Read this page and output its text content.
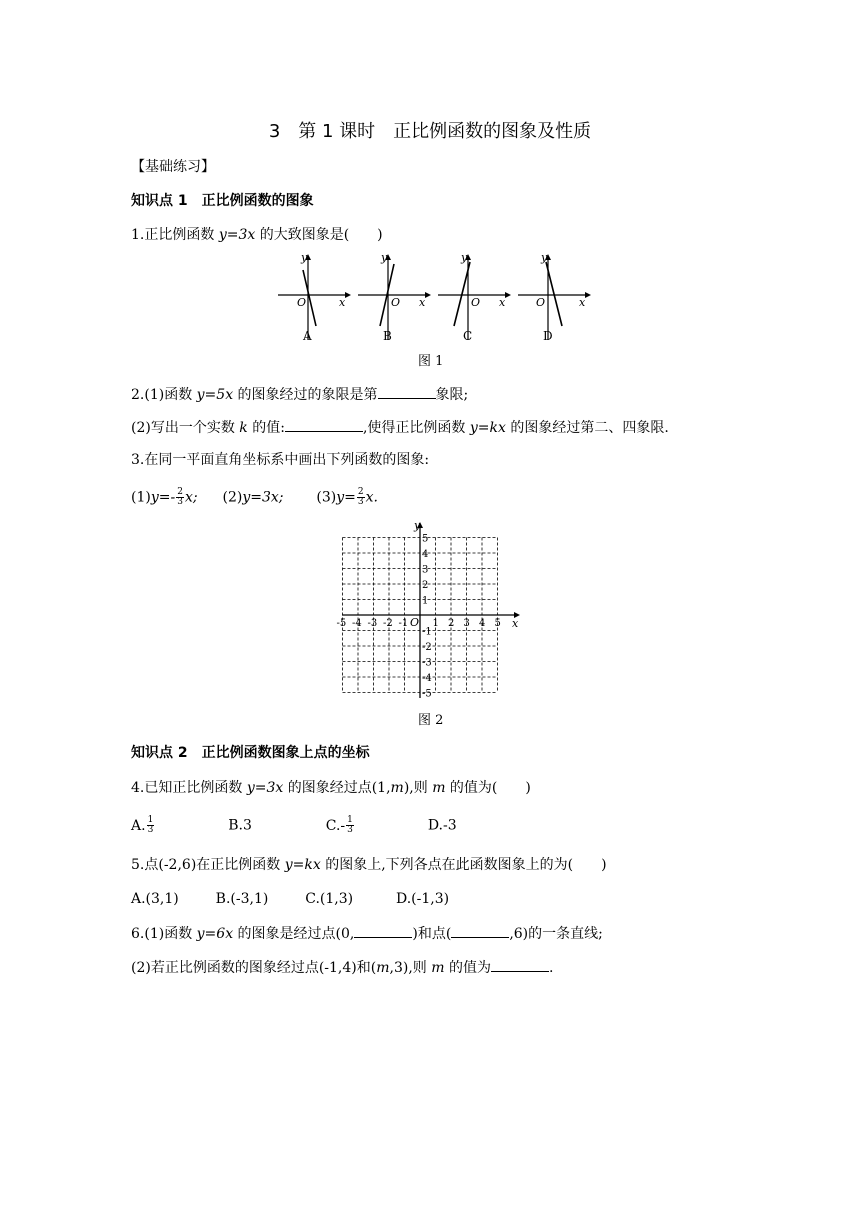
3　第 1 课时　正比例函数的图象及性质
【基础练习】
知识点 1　正比例函数的图象
1.正比例函数 y=3x 的大致图象是(　　)
y
x
O
A
y
x
O
B
y
x
O
C
y
x
O
D
图 1
2.(1)函数 y=5x 的图象经过的象限是第	象限;
(2)写出一个实数 k 的值:	,使得正比例函数 y=kx 的图象经过第二、四象限.
3.在同一平面直角坐标系中画出下列函数的图象:
$(1)y=- \frac{2}{3} x$; (2)y=3x; $(3)y= \frac{2}{3} x$.
x
y
O
-5 -4 -3 -2 -1 1 2 3 4 5
5
4
3
2
1
-1
-2
-3
-4
-5
图 2
知识点 2　正比例函数图象上点的坐标
4.已知正比例函数 y=3x 的图象经过点(1,m),则 m 的值为(　　)
A. $\frac{1}{3}$	B.3	$C.- \frac{1}{3}$	D.-3
5.点(-2,6)在正比例函数 y=kx 的图象上,下列各点在此函数图象上的为(　　)
A.(3,1)	B.(-3,1)	C.(1,3)	D.(-1,3)
6.(1)函数 y=6x 的图象是经过点(0,	)和点(	,6)的一条直线;
(2)若正比例函数的图象经过点(-1,4)和(m,3),则 m 的值为	.
